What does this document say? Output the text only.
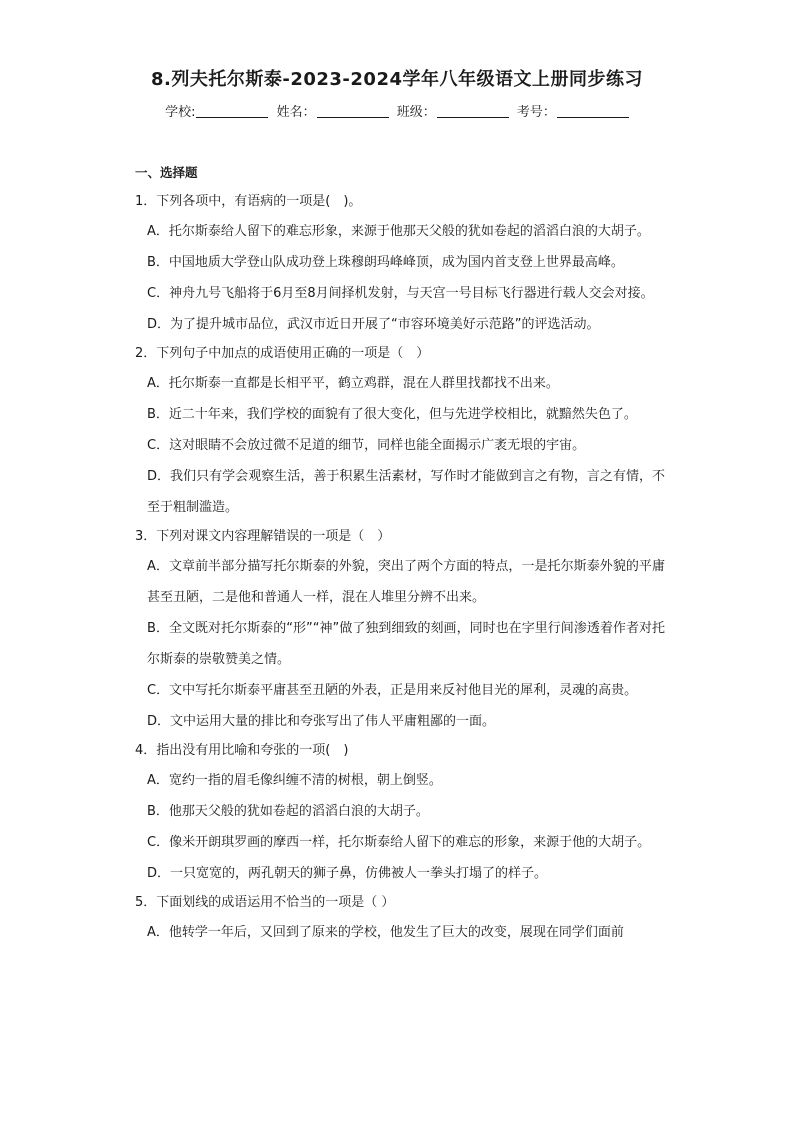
8.列夫托尔斯泰-2023-2024学年八年级语文上册同步练习
学校:	姓名：	班级：	考号：
一、选择题

1．下列各项中，有语病的一项是(　)。

A．托尔斯泰给人留下的难忘形象，来源于他那天父般的犹如卷起的滔滔白浪的大胡子。

B．中国地质大学登山队成功登上珠穆朗玛峰峰顶，成为国内首支登上世界最高峰。

C．神舟九号飞船将于6月至8月间择机发射，与天宫一号目标飞行器进行载人交会对接。

D．为了提升城市品位，武汉市近日开展了“市容环境美好示范路”的评选活动。

2．下列句子中加点的成语使用正确的一项是（　）

A．托尔斯泰一直都是长相平平，鹤立鸡群，混在人群里找都找不出来。

B．近二十年来，我们学校的面貌有了很大变化，但与先进学校相比，就黯然失色了。

C．这对眼睛不会放过微不足道的细节，同样也能全面揭示广袤无垠的宇宙。

D．我们只有学会观察生活，善于积累生活素材，写作时才能做到言之有物，言之有情，不至于粗制滥造。

3．下列对课文内容理解错误的一项是（　）

A．文章前半部分描写托尔斯泰的外貌，突出了两个方面的特点，一是托尔斯泰外貌的平庸甚至丑陋，二是他和普通人一样，混在人堆里分辨不出来。

B．全文既对托尔斯泰的“形”“神”做了独到细致的刻画，同时也在字里行间渗透着作者对托尔斯泰的崇敬赞美之情。

C．文中写托尔斯泰平庸甚至丑陋的外表，正是用来反衬他目光的犀利，灵魂的高贵。

D．文中运用大量的排比和夸张写出了伟人平庸粗鄙的一面。

4．指出没有用比喻和夸张的一项(　)

A．宽约一指的眉毛像纠缠不清的树根，朝上倒竖。

B．他那天父般的犹如卷起的滔滔白浪的大胡子。

C．像米开朗琪罗画的摩西一样，托尔斯泰给人留下的难忘的形象，来源于他的大胡子。

D．一只宽宽的，两孔朝天的狮子鼻，仿佛被人一拳头打塌了的样子。

5．下面划线的成语运用不恰当的一项是（ ）

A．他转学一年后，又回到了原来的学校，他发生了巨大的改变，展现在同学们面前
